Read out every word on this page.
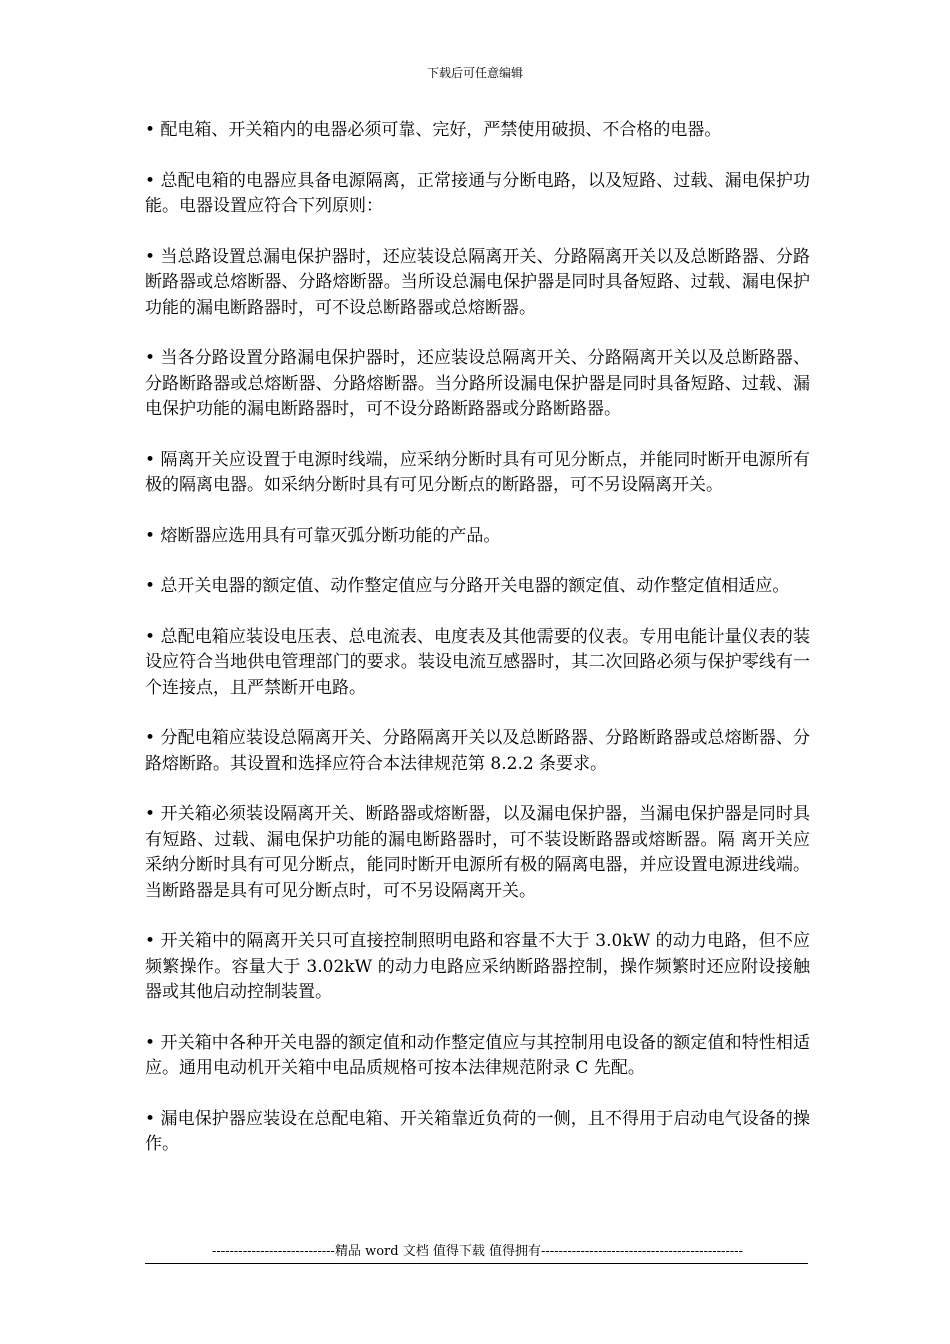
下载后可任意编辑

• 配电箱、开关箱内的电器必须可靠、完好，严禁使用破损、不合格的电器。

• 总配电箱的电器应具备电源隔离，正常接通与分断电路，以及短路、过载、漏电保护功能。电器设置应符合下列原则：

• 当总路设置总漏电保护器时，还应装设总隔离开关、分路隔离开关以及总断路器、分路断路器或总熔断器、分路熔断器。当所设总漏电保护器是同时具备短路、过载、漏电保护功能的漏电断路器时，可不设总断路器或总熔断器。

• 当各分路设置分路漏电保护器时，还应装设总隔离开关、分路隔离开关以及总断路器、分路断路器或总熔断器、分路熔断器。当分路所设漏电保护器是同时具备短路、过载、漏电保护功能的漏电断路器时，可不设分路断路器或分路断路器。

• 隔离开关应设置于电源时线端，应采纳分断时具有可见分断点，并能同时断开电源所有极的隔离电器。如采纳分断时具有可见分断点的断路器，可不另设隔离开关。

• 熔断器应选用具有可靠灭弧分断功能的产品。

• 总开关电器的额定值、动作整定值应与分路开关电器的额定值、动作整定值相适应。

• 总配电箱应装设电压表、总电流表、电度表及其他需要的仪表。专用电能计量仪表的装设应符合当地供电管理部门的要求。装设电流互感器时，其二次回路必须与保护零线有一个连接点，且严禁断开电路。

• 分配电箱应装设总隔离开关、分路隔离开关以及总断路器、分路断路器或总熔断器、分路熔断路。其设置和选择应符合本法律规范第 8.2.2 条要求。

• 开关箱必须装设隔离开关、断路器或熔断器，以及漏电保护器，当漏电保护器是同时具有短路、过载、漏电保护功能的漏电断路器时，可不装设断路器或熔断器。隔 离开关应采纳分断时具有可见分断点，能同时断开电源所有极的隔离电器，并应设置电源进线端。当断路器是具有可见分断点时，可不另设隔离开关。

• 开关箱中的隔离开关只可直接控制照明电路和容量不大于 3.0kW 的动力电路，但不应频繁操作。容量大于 3.02kW 的动力电路应采纳断路器控制，操作频繁时还应附设接触器或其他启动控制装置。

• 开关箱中各种开关电器的额定值和动作整定值应与其控制用电设备的额定值和特性相适应。通用电动机开关箱中电品质规格可按本法律规范附录 C 先配。

• 漏电保护器应装设在总配电箱、开关箱靠近负荷的一侧，且不得用于启动电气设备的操作。

----------------------------精品 word 文档 值得下载 值得拥有----------------------------------------------
